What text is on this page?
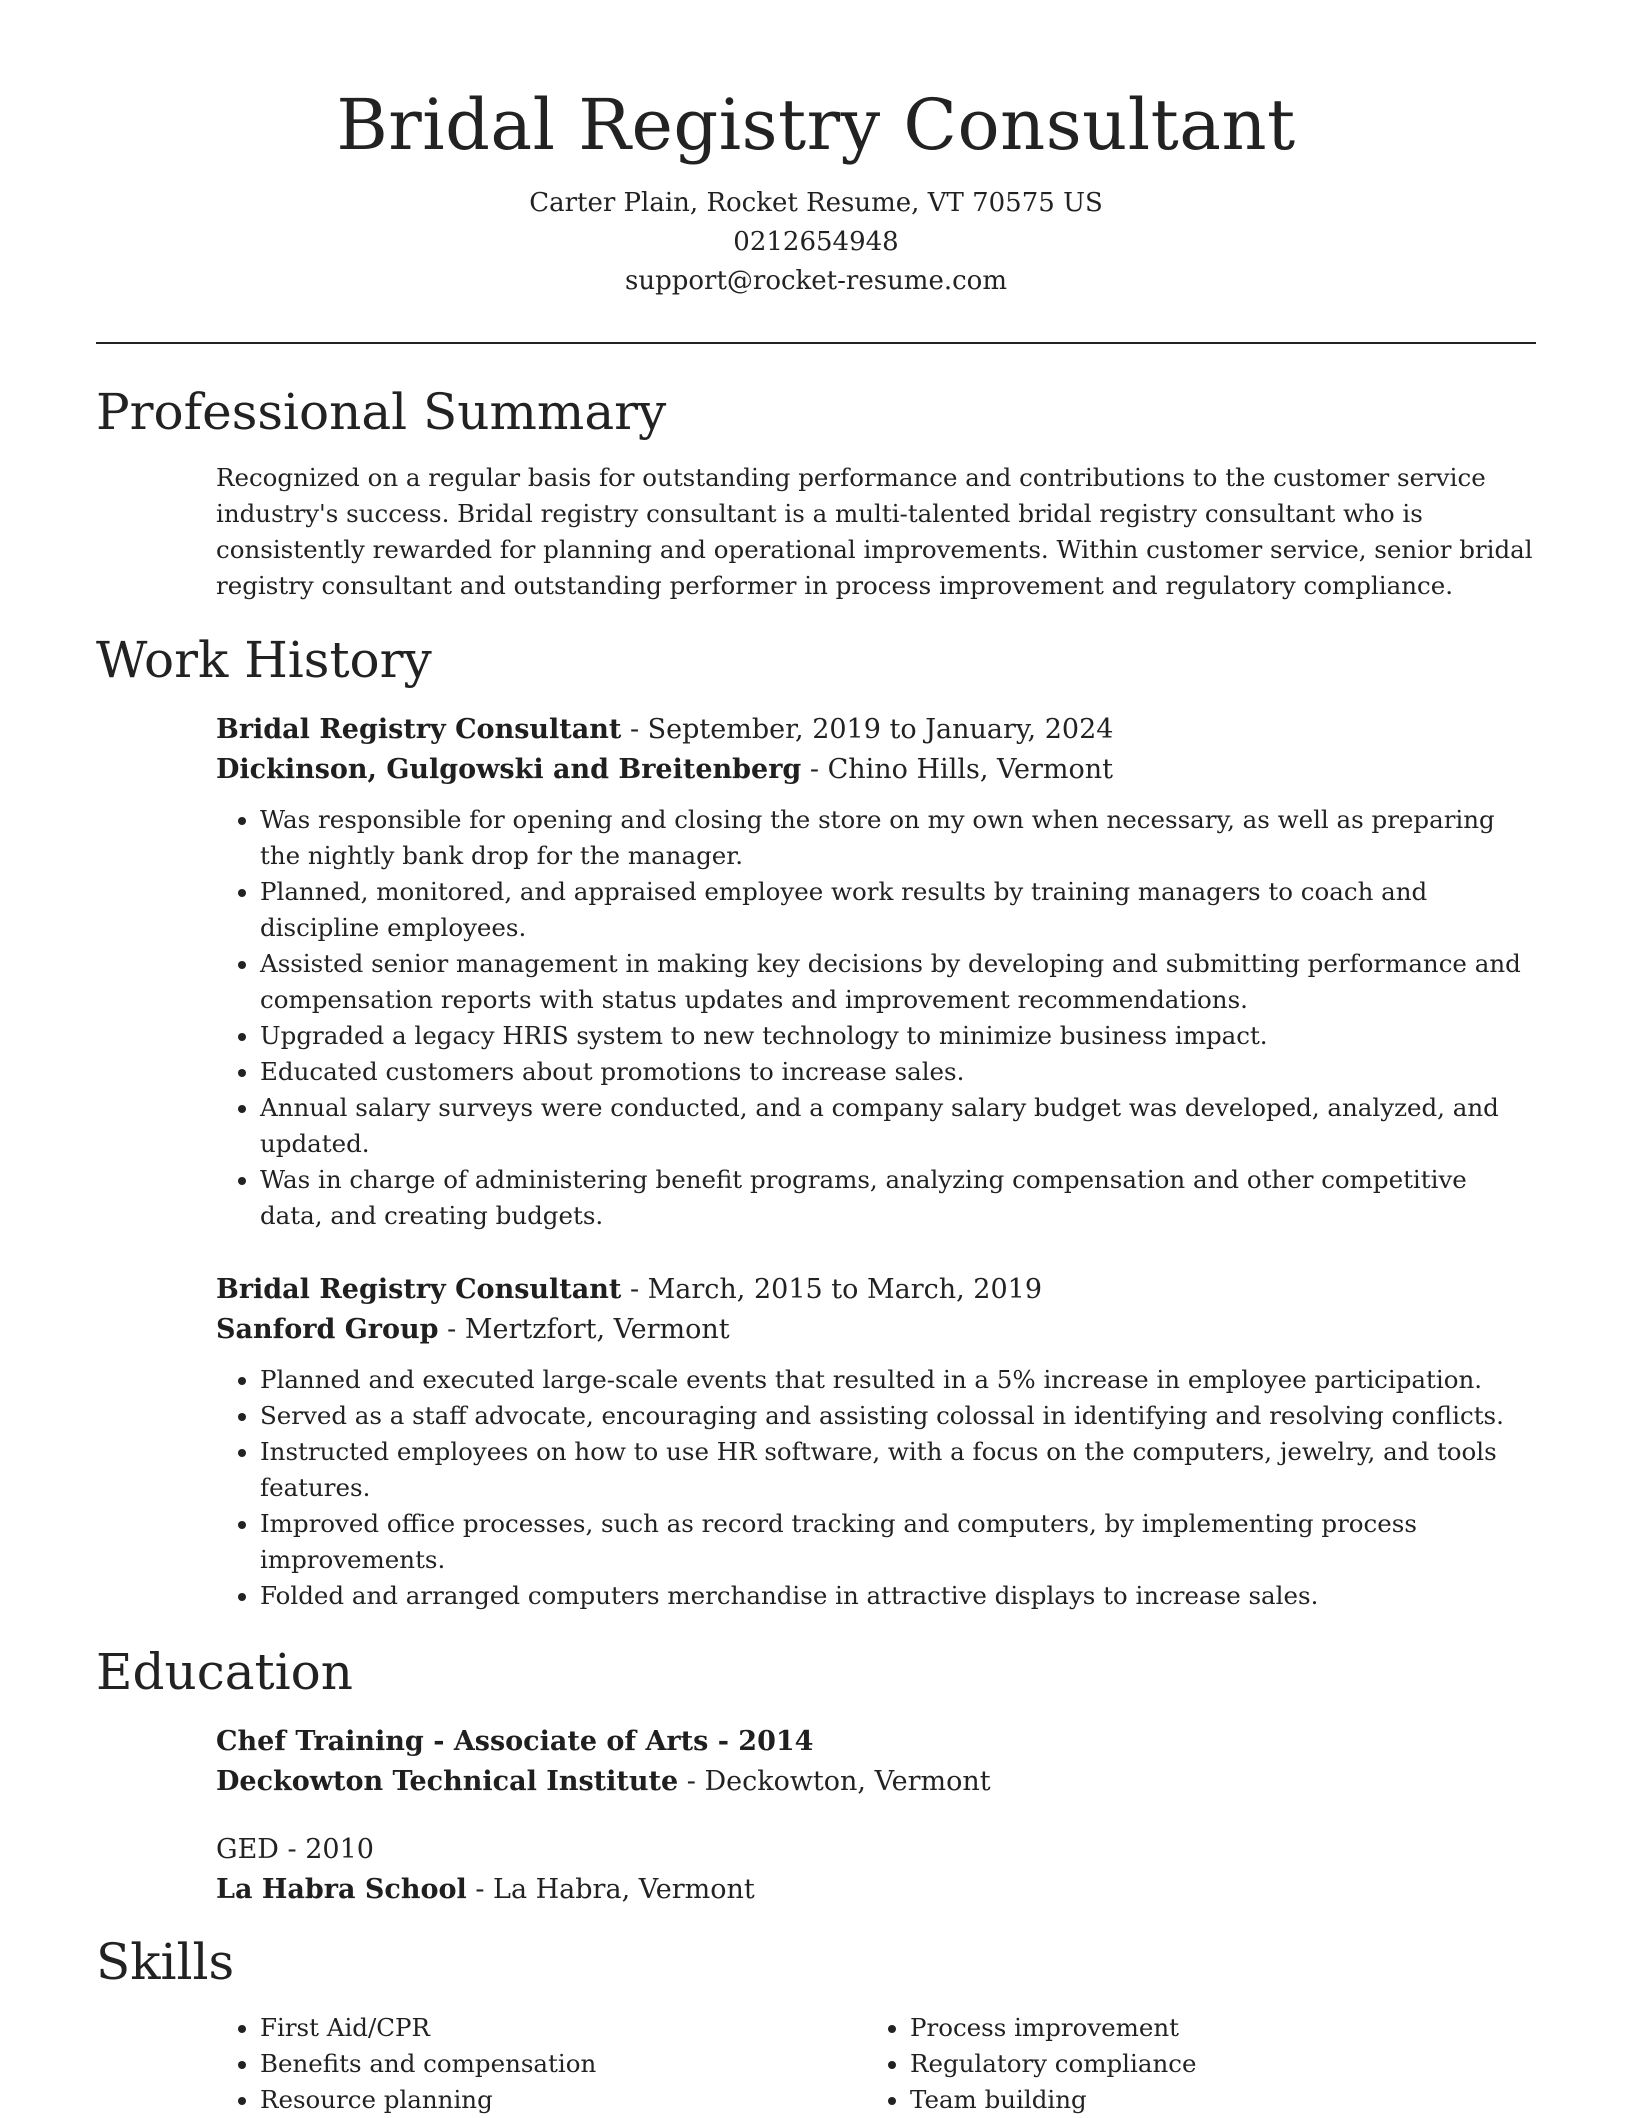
Bridal Registry Consultant
Carter Plain, Rocket Resume, VT 70575 US
0212654948
support@rocket-resume.com
Professional Summary
Recognized on a regular basis for outstanding performance and contributions to the customer service industry's success. Bridal registry consultant is a multi-talented bridal registry consultant who is consistently rewarded for planning and operational improvements. Within customer service, senior bridal registry consultant and outstanding performer in process improvement and regulatory compliance.
Work History
Bridal Registry Consultant - September, 2019 to January, 2024
Dickinson, Gulgowski and Breitenberg - Chino Hills, Vermont
• Was responsible for opening and closing the store on my own when necessary, as well as preparing the nightly bank drop for the manager.
• Planned, monitored, and appraised employee work results by training managers to coach and discipline employees.
• Assisted senior management in making key decisions by developing and submitting performance and compensation reports with status updates and improvement recommendations.
• Upgraded a legacy HRIS system to new technology to minimize business impact.
• Educated customers about promotions to increase sales.
• Annual salary surveys were conducted, and a company salary budget was developed, analyzed, and updated.
• Was in charge of administering benefit programs, analyzing compensation and other competitive data, and creating budgets.
Bridal Registry Consultant - March, 2015 to March, 2019
Sanford Group - Mertzfort, Vermont
• Planned and executed large-scale events that resulted in a 5% increase in employee participation.
• Served as a staff advocate, encouraging and assisting colossal in identifying and resolving conflicts.
• Instructed employees on how to use HR software, with a focus on the computers, jewelry, and tools features.
• Improved office processes, such as record tracking and computers, by implementing process improvements.
• Folded and arranged computers merchandise in attractive displays to increase sales.
Education
Chef Training - Associate of Arts - 2014
Deckowton Technical Institute - Deckowton, Vermont
GED - 2010
La Habra School - La Habra, Vermont
Skills
• First Aid/CPR
• Benefits and compensation
• Resource planning
• Process improvement
• Regulatory compliance
• Team building
